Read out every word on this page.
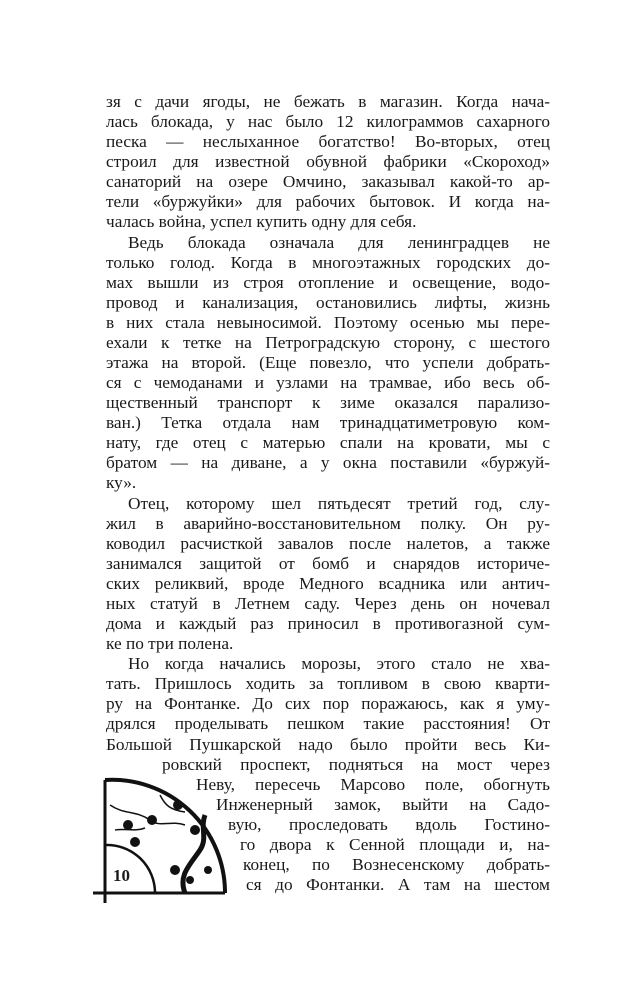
зя с дачи ягоды, не бежать в магазин. Когда нача-
лась блокада, у нас было 12 килограммов сахарного
песка — неслыханное богатство! Во-вторых, отец
строил для известной обувной фабрики «Скороход»
санаторий на озере Омчино, заказывал какой-то ар-
тели «буржуйки» для рабочих бытовок. И когда на-
чалась война, успел купить одну для себя.
Ведь блокада означала для ленинградцев не
только голод. Когда в многоэтажных городских до-
мах вышли из строя отопление и освещение, водо-
провод и канализация, остановились лифты, жизнь
в них стала невыносимой. Поэтому осенью мы пере-
ехали к тетке на Петроградскую сторону, с шестого
этажа на второй. (Еще повезло, что успели добрать-
ся с чемоданами и узлами на трамвае, ибо весь об-
щественный транспорт к зиме оказался парализо-
ван.) Тетка отдала нам тринадцатиметровую ком-
нату, где отец с матерью спали на кровати, мы с
братом — на диване, а у окна поставили «буржуй-
ку».
Отец, которому шел пятьдесят третий год, слу-
жил в аварийно-восстановительном полку. Он ру-
ководил расчисткой завалов после налетов, а также
занимался защитой от бомб и снарядов историче-
ских реликвий, вроде Медного всадника или антич-
ных статуй в Летнем саду. Через день он ночевал
дома и каждый раз приносил в противогазной сум-
ке по три полена.
Но когда начались морозы, этого стало не хва-
тать. Пришлось ходить за топливом в свою кварти-
ру на Фонтанке. До сих пор поражаюсь, как я уму-
дрялся проделывать пешком такие расстояния! От
Большой Пушкарской надо было пройти весь Ки-
ровский проспект, подняться на мост через
Неву, пересечь Марсово поле, обогнуть
Инженерный замок, выйти на Садо-
вую, проследовать вдоль Гостино-
го двора к Сенной площади и, на-
конец, по Вознесенскому добрать-
ся до Фонтанки. А там на шестом
10
